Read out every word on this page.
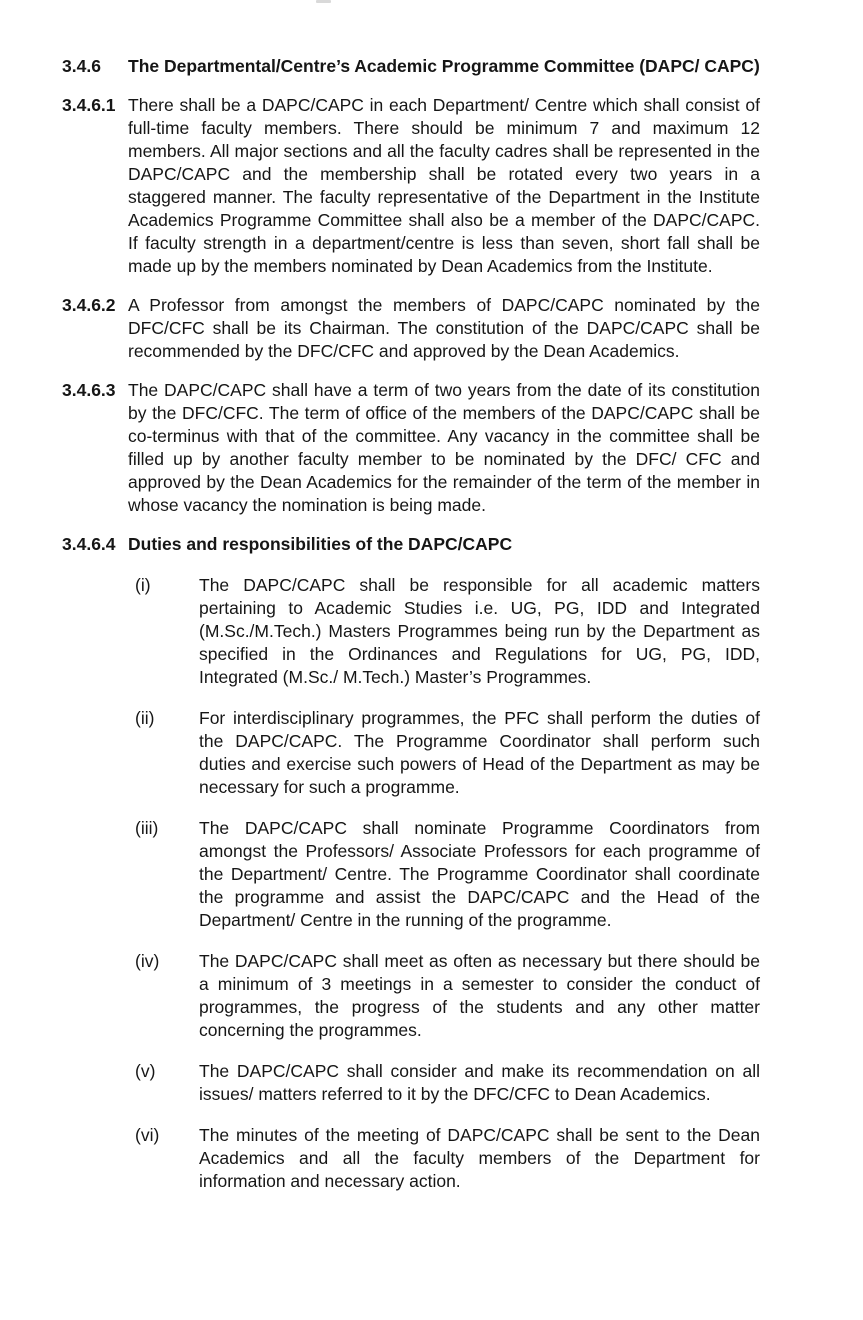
3.4.6 The Departmental/Centre’s Academic Programme Committee (DAPC/ CAPC)
3.4.6.1 There shall be a DAPC/CAPC in each Department/ Centre which shall consist of full-time faculty members. There should be minimum 7 and maximum 12 members. All major sections and all the faculty cadres shall be represented in the DAPC/CAPC and the membership shall be rotated every two years in a staggered manner. The faculty representative of the Department in the Institute Academics Programme Committee shall also be a member of the DAPC/CAPC. If faculty strength in a department/centre is less than seven, short fall shall be made up by the members nominated by Dean Academics from the Institute.
3.4.6.2 A Professor from amongst the members of DAPC/CAPC nominated by the DFC/CFC shall be its Chairman. The constitution of the DAPC/CAPC shall be recommended by the DFC/CFC and approved by the Dean Academics.
3.4.6.3 The DAPC/CAPC shall have a term of two years from the date of its constitution by the DFC/CFC. The term of office of the members of the DAPC/CAPC shall be co-terminus with that of the committee. Any vacancy in the committee shall be filled up by another faculty member to be nominated by the DFC/ CFC and approved by the Dean Academics for the remainder of the term of the member in whose vacancy the nomination is being made.
3.4.6.4 Duties and responsibilities of the DAPC/CAPC
(i)	The DAPC/CAPC shall be responsible for all academic matters pertaining to Academic Studies i.e. UG, PG, IDD and Integrated (M.Sc./M.Tech.) Masters Programmes being run by the Department as specified in the Ordinances and Regulations for UG, PG, IDD, Integrated (M.Sc./ M.Tech.) Master’s Programmes.
(ii)	For interdisciplinary programmes, the PFC shall perform the duties of the DAPC/CAPC. The Programme Coordinator shall perform such duties and exercise such powers of Head of the Department as may be necessary for such a programme.
(iii) The DAPC/CAPC shall nominate Programme Coordinators from amongst the Professors/ Associate Professors for each programme of the Department/ Centre. The Programme Coordinator shall coordinate the programme and assist the DAPC/CAPC and the Head of the Department/ Centre in the running of the programme.
(iv) The DAPC/CAPC shall meet as often as necessary but there should be a minimum of 3 meetings in a semester to consider the conduct of programmes, the progress of the students and any other matter concerning the programmes.
(v) The DAPC/CAPC shall consider and make its recommendation on all issues/ matters referred to it by the DFC/CFC to Dean Academics.
(vi) The minutes of the meeting of DAPC/CAPC shall be sent to the Dean Academics and all the faculty members of the Department for information and necessary action.
